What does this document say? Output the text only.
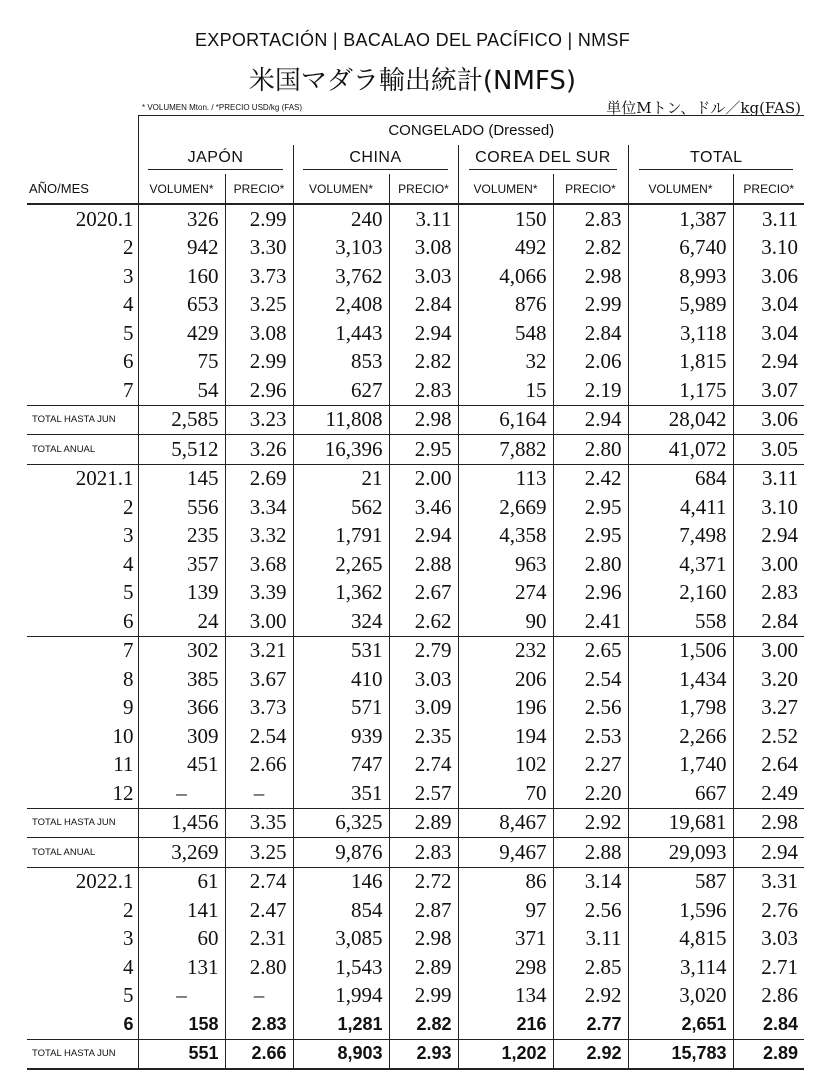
EXPORTACIÓN | BACALAO DEL PACÍFICO | NMSF
米国マダラ輸出統計(NMFS)
* VOLUMEN Mton. / *PRECIO USD/kg (FAS)	単位Mトン、ドル／kg(FAS)
	CONGELADO (Dressed)							
	JAPÓN		CHINA		COREA DEL SUR		TOTAL	
AÑO/MES	VOLUMEN*	PRECIO*	VOLUMEN*	PRECIO*	VOLUMEN*	PRECIO*	VOLUMEN*	PRECIO*
2020.1	326	2.99	240	3.11	150	2.83	1,387	3.11
2	942	3.30	3,103	3.08	492	2.82	6,740	3.10
3	160	3.73	3,762	3.03	4,066	2.98	8,993	3.06
4	653	3.25	2,408	2.84	876	2.99	5,989	3.04
5	429	3.08	1,443	2.94	548	2.84	3,118	3.04
6	75	2.99	853	2.82	32	2.06	1,815	2.94
7	54	2.96	627	2.83	15	2.19	1,175	3.07
TOTAL HASTA JUN	2,585	3.23	11,808	2.98	6,164	2.94	28,042	3.06
TOTAL ANUAL	5,512	3.26	16,396	2.95	7,882	2.80	41,072	3.05
2021.1	145	2.69	21	2.00	113	2.42	684	3.11
2	556	3.34	562	3.46	2,669	2.95	4,411	3.10
3	235	3.32	1,791	2.94	4,358	2.95	7,498	2.94
4	357	3.68	2,265	2.88	963	2.80	4,371	3.00
5	139	3.39	1,362	2.67	274	2.96	2,160	2.83
6	24	3.00	324	2.62	90	2.41	558	2.84
7	302	3.21	531	2.79	232	2.65	1,506	3.00
8	385	3.67	410	3.03	206	2.54	1,434	3.20
9	366	3.73	571	3.09	196	2.56	1,798	3.27
10	309	2.54	939	2.35	194	2.53	2,266	2.52
11	451	2.66	747	2.74	102	2.27	1,740	2.64
12	–	–	351	2.57	70	2.20	667	2.49
TOTAL HASTA JUN	1,456	3.35	6,325	2.89	8,467	2.92	19,681	2.98
TOTAL ANUAL	3,269	3.25	9,876	2.83	9,467	2.88	29,093	2.94
2022.1	61	2.74	146	2.72	86	3.14	587	3.31
2	141	2.47	854	2.87	97	2.56	1,596	2.76
3	60	2.31	3,085	2.98	371	3.11	4,815	3.03
4	131	2.80	1,543	2.89	298	2.85	3,114	2.71
5	–	–	1,994	2.99	134	2.92	3,020	2.86
6	158	2.83	1,281	2.82	216	2.77	2,651	2.84
TOTAL HASTA JUN	551	2.66	8,903	2.93	1,202	2.92	15,783	2.89
